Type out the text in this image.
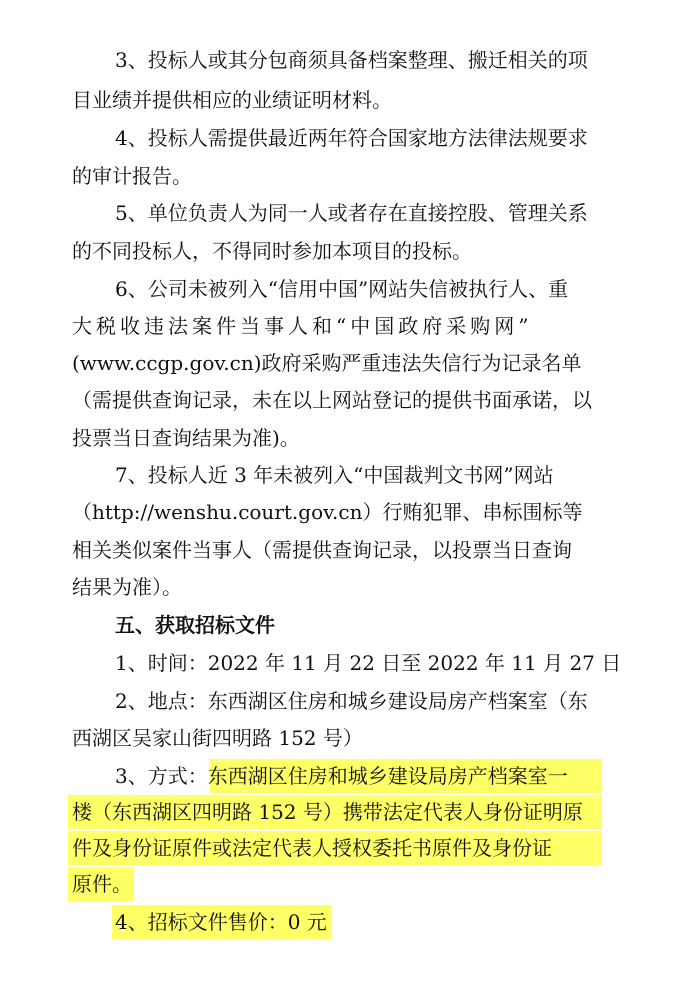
3、投标人或其分包商须具备档案整理、搬迁相关的项
目业绩并提供相应的业绩证明材料。
4、投标人需提供最近两年符合国家地方法律法规要求
的审计报告。
5、单位负责人为同一人或者存在直接控股、管理关系
的不同投标人，不得同时参加本项目的投标。
6、公司未被列入“信用中国”网站失信被执行人、重
大税收违法案件当事人和“中国政府采购网”
(www.ccgp.gov.cn)政府采购严重违法失信行为记录名单
（需提供查询记录，未在以上网站登记的提供书面承诺，以
投票当日查询结果为准)。
7、投标人近 3 年未被列入“中国裁判文书网”网站
（http://wenshu.court.gov.cn）行贿犯罪、串标围标等
相关类似案件当事人（需提供查询记录，以投票当日查询
结果为准）。
五、获取招标文件
1、时间：2022 年 11 月 22 日至 2022 年 11 月 27 日
2、地点：东西湖区住房和城乡建设局房产档案室（东
西湖区吴家山街四明路 152 号）
3、方式：东西湖区住房和城乡建设局房产档案室一
楼（东西湖区四明路 152 号）携带法定代表人身份证明原
件及身份证原件或法定代表人授权委托书原件及身份证
原件。
4、招标文件售价：0 元
